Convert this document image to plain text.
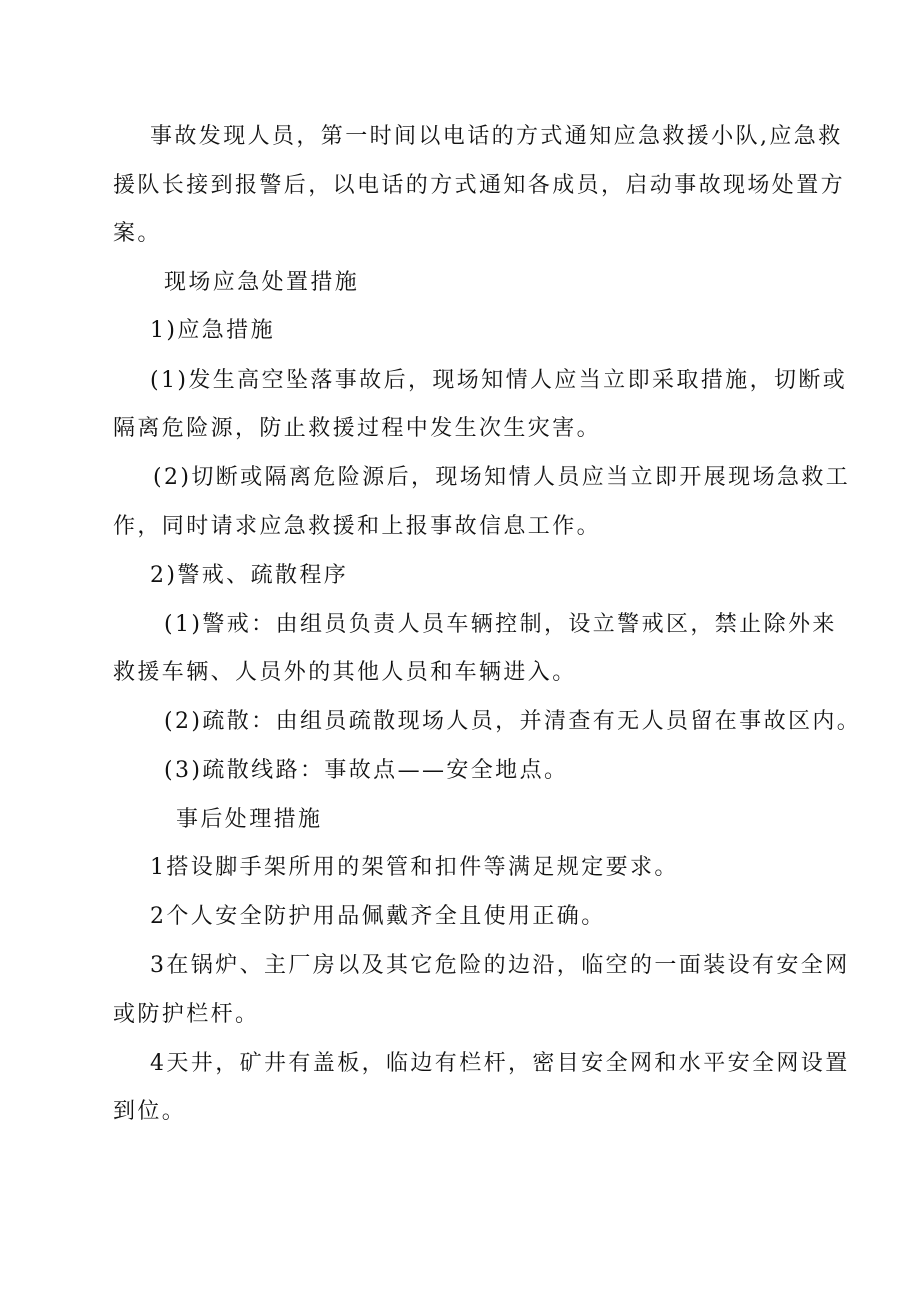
事故发现人员，第一时间以电话的方式通知应急救援小队,应急救
援队长接到报警后，以电话的方式通知各成员，启动事故现场处置方
案。
现场应急处置措施
1)应急措施
(1)发生高空坠落事故后，现场知情人应当立即采取措施，切断或
隔离危险源，防止救援过程中发生次生灾害。
(2)切断或隔离危险源后，现场知情人员应当立即开展现场急救工
作，同时请求应急救援和上报事故信息工作。
2)警戒、疏散程序
(1)警戒：由组员负责人员车辆控制，设立警戒区，禁止除外来
救援车辆、人员外的其他人员和车辆进入。
(2)疏散：由组员疏散现场人员，并清查有无人员留在事故区内。
(3)疏散线路：事故点——安全地点。
事后处理措施
1搭设脚手架所用的架管和扣件等满足规定要求。
2个人安全防护用品佩戴齐全且使用正确。
3在锅炉、主厂房以及其它危险的边沿，临空的一面装设有安全网
或防护栏杆。
4天井，矿井有盖板，临边有栏杆，密目安全网和水平安全网设置
到位。
